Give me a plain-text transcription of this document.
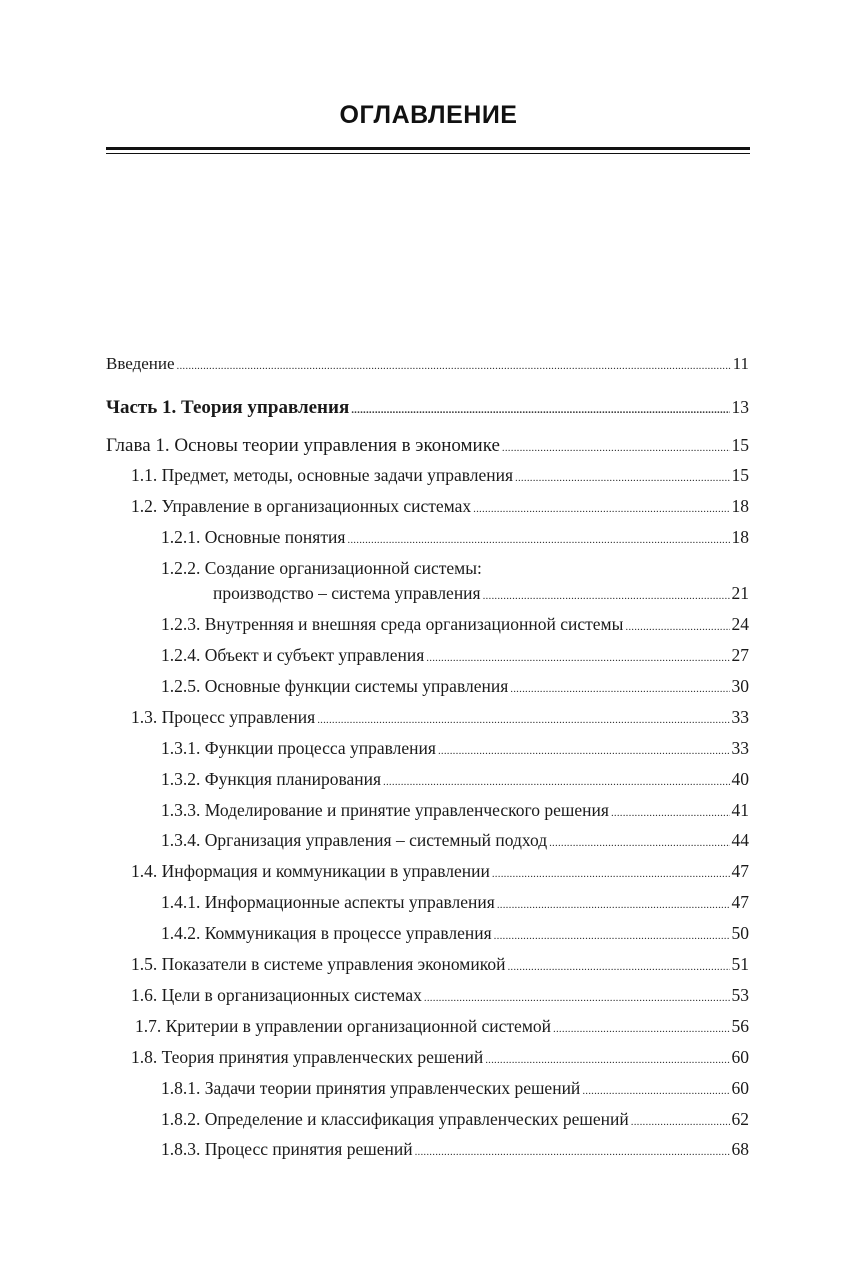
ОГЛАВЛЕНИЕ
Введение .....	11
Часть 1. Теория управления .....	13
Глава 1. Основы теории управления в экономике .....	15
1.1. Предмет, методы, основные задачи управления .....	15
1.2. Управление в организационных системах .....	18
1.2.1. Основные понятия .....	18
1.2.2. Создание организационной системы:
производство – система управления .....	21
1.2.3. Внутренняя и внешняя среда организационной системы .....	24
1.2.4. Объект и субъект управления .....	27
1.2.5. Основные функции системы управления .....	30
1.3. Процесс управления .....	33
1.3.1. Функции процесса управления .....	33
1.3.2. Функция планирования .....	40
1.3.3. Моделирование и принятие управленческого решения .....	41
1.3.4. Организация управления – системный подход .....	44
1.4. Информация и коммуникации в управлении .....	47
1.4.1. Информационные аспекты управления .....	47
1.4.2. Коммуникация в процессе управления .....	50
1.5. Показатели в системе управления экономикой .....	51
1.6. Цели в организационных системах .....	53
1.7. Критерии в управлении организационной системой .....	56
1.8. Теория принятия управленческих решений .....	60
1.8.1. Задачи теории принятия управленческих решений .....	60
1.8.2. Определение и классификация управленческих решений .....	62
1.8.3. Процесс принятия решений .....	68
